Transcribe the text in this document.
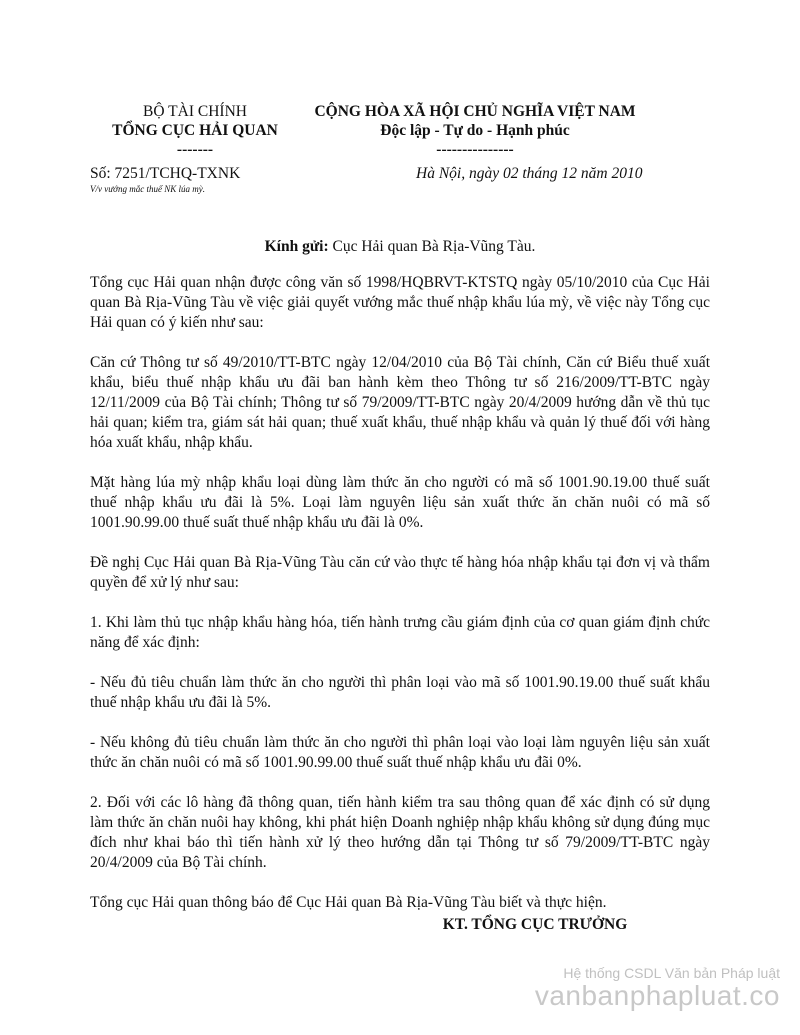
BỘ TÀI CHÍNH
TỔNG CỤC HẢI QUAN
-------
CỘNG HÒA XÃ HỘI CHỦ NGHĨA VIỆT NAM
Độc lập - Tự do - Hạnh phúc
---------------
Số: 7251/TCHQ-TXNK
V/v vướng mắc thuế NK lúa mỳ.
Hà Nội, ngày 02 tháng 12 năm 2010
Kính gửi: Cục Hải quan Bà Rịa-Vũng Tàu.

Tổng cục Hải quan nhận được công văn số 1998/HQBRVT-KTSTQ ngày 05/10/2010 của Cục Hải quan Bà Rịa-Vũng Tàu về việc giải quyết vướng mắc thuế nhập khẩu lúa mỳ, về việc này Tổng cục Hải quan có ý kiến như sau:

Căn cứ Thông tư số 49/2010/TT-BTC ngày 12/04/2010 của Bộ Tài chính, Căn cứ Biểu thuế xuất khẩu, biểu thuế nhập khẩu ưu đãi ban hành kèm theo Thông tư số 216/2009/TT-BTC ngày 12/11/2009 của Bộ Tài chính; Thông tư số 79/2009/TT-BTC ngày 20/4/2009 hướng dẫn về thủ tục hải quan; kiểm tra, giám sát hải quan; thuế xuất khẩu, thuế nhập khẩu và quản lý thuế đối với hàng hóa xuất khẩu, nhập khẩu.

Mặt hàng lúa mỳ nhập khẩu loại dùng làm thức ăn cho người có mã số 1001.90.19.00 thuế suất thuế nhập khẩu ưu đãi là 5%. Loại làm nguyên liệu sản xuất thức ăn chăn nuôi có mã số 1001.90.99.00 thuế suất thuế nhập khẩu ưu đãi là 0%.

Đề nghị Cục Hải quan Bà Rịa-Vũng Tàu căn cứ vào thực tế hàng hóa nhập khẩu tại đơn vị và thẩm quyền để xử lý như sau:

1. Khi làm thủ tục nhập khẩu hàng hóa, tiến hành trưng cầu giám định của cơ quan giám định chức năng để xác định:

- Nếu đủ tiêu chuẩn làm thức ăn cho người thì phân loại vào mã số 1001.90.19.00 thuế suất khẩu thuế nhập khẩu ưu đãi là 5%.

- Nếu không đủ tiêu chuẩn làm thức ăn cho người thì phân loại vào loại làm nguyên liệu sản xuất thức ăn chăn nuôi có mã số 1001.90.99.00 thuế suất thuế nhập khẩu ưu đãi 0%.

2. Đối với các lô hàng đã thông quan, tiến hành kiểm tra sau thông quan để xác định có sử dụng làm thức ăn chăn nuôi hay không, khi phát hiện Doanh nghiệp nhập khẩu không sử dụng đúng mục đích như khai báo thì tiến hành xử lý theo hướng dẫn tại Thông tư số 79/2009/TT-BTC ngày 20/4/2009 của Bộ Tài chính.

Tổng cục Hải quan thông báo để Cục Hải quan Bà Rịa-Vũng Tàu biết và thực hiện.

KT. TỔNG CỤC TRƯỞNG
Hệ thống CSDL Văn bản Pháp luật
vanbanphapluat.co
